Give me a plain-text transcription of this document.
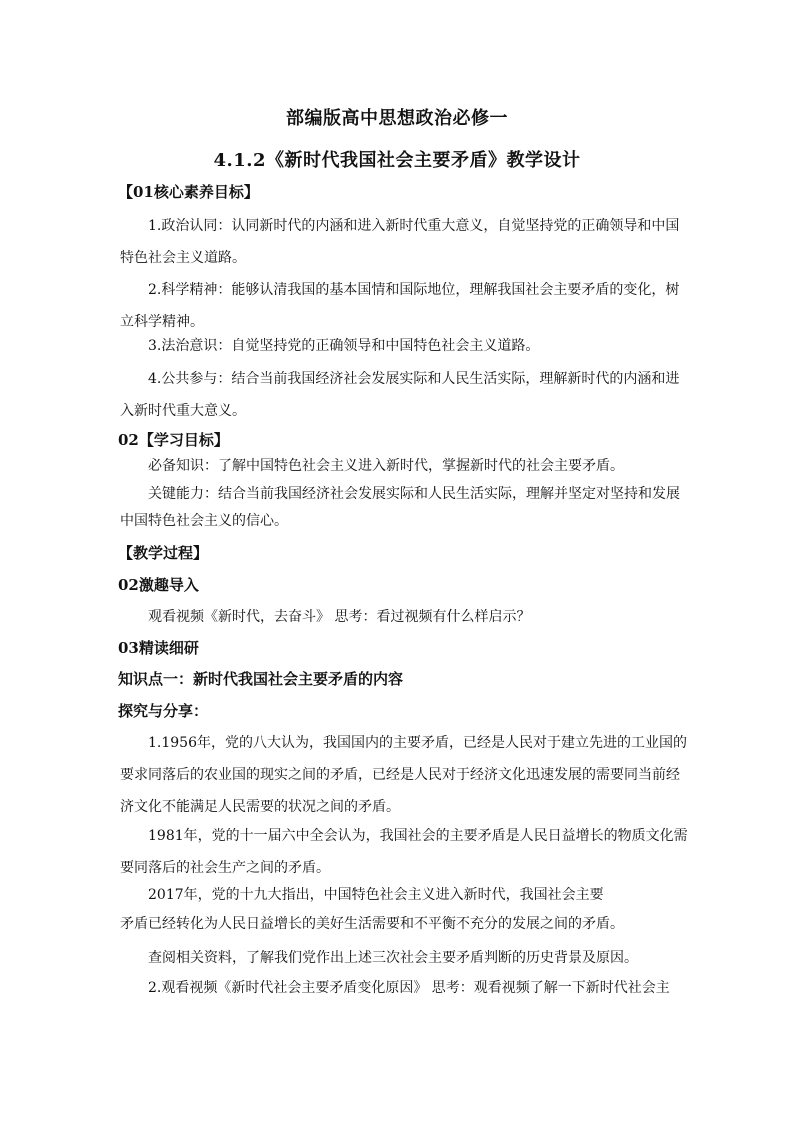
部编版高中思想政治必修一
4.1.2《新时代我国社会主要矛盾》教学设计
【01核心素养目标】
1.政治认同：认同新时代的内涵和进入新时代重大意义，自觉坚持党的正确领导和中国
特色社会主义道路。
2.科学精神：能够认清我国的基本国情和国际地位，理解我国社会主要矛盾的变化，树
立科学精神。
3.法治意识：自觉坚持党的正确领导和中国特色社会主义道路。
4.公共参与：结合当前我国经济社会发展实际和人民生活实际，理解新时代的内涵和进
入新时代重大意义。
02【学习目标】
必备知识：了解中国特色社会主义进入新时代，掌握新时代的社会主要矛盾。
关键能力：结合当前我国经济社会发展实际和人民生活实际，理解并坚定对坚持和发展
中国特色社会主义的信心。
【教学过程】
02激趣导入
观看视频《新时代，去奋斗》 思考：看过视频有什么样启示？
03精读细研
知识点一：新时代我国社会主要矛盾的内容
探究与分享：
1.1956年，党的八大认为，我国国内的主要矛盾，已经是人民对于建立先进的工业国的
要求同落后的农业国的现实之间的矛盾，已经是人民对于经济文化迅速发展的需要同当前经
济文化不能满足人民需要的状况之间的矛盾。
1981年，党的十一届六中全会认为，我国社会的主要矛盾是人民日益增长的物质文化需
要同落后的社会生产之间的矛盾。
2017年，党的十九大指出，中国特色社会主义进入新时代，我国社会主要
矛盾已经转化为人民日益增长的美好生活需要和不平衡不充分的发展之间的矛盾。
查阅相关资料，了解我们党作出上述三次社会主要矛盾判断的历史背景及原因。
2.观看视频《新时代社会主要矛盾变化原因》 思考：观看视频了解一下新时代社会主
